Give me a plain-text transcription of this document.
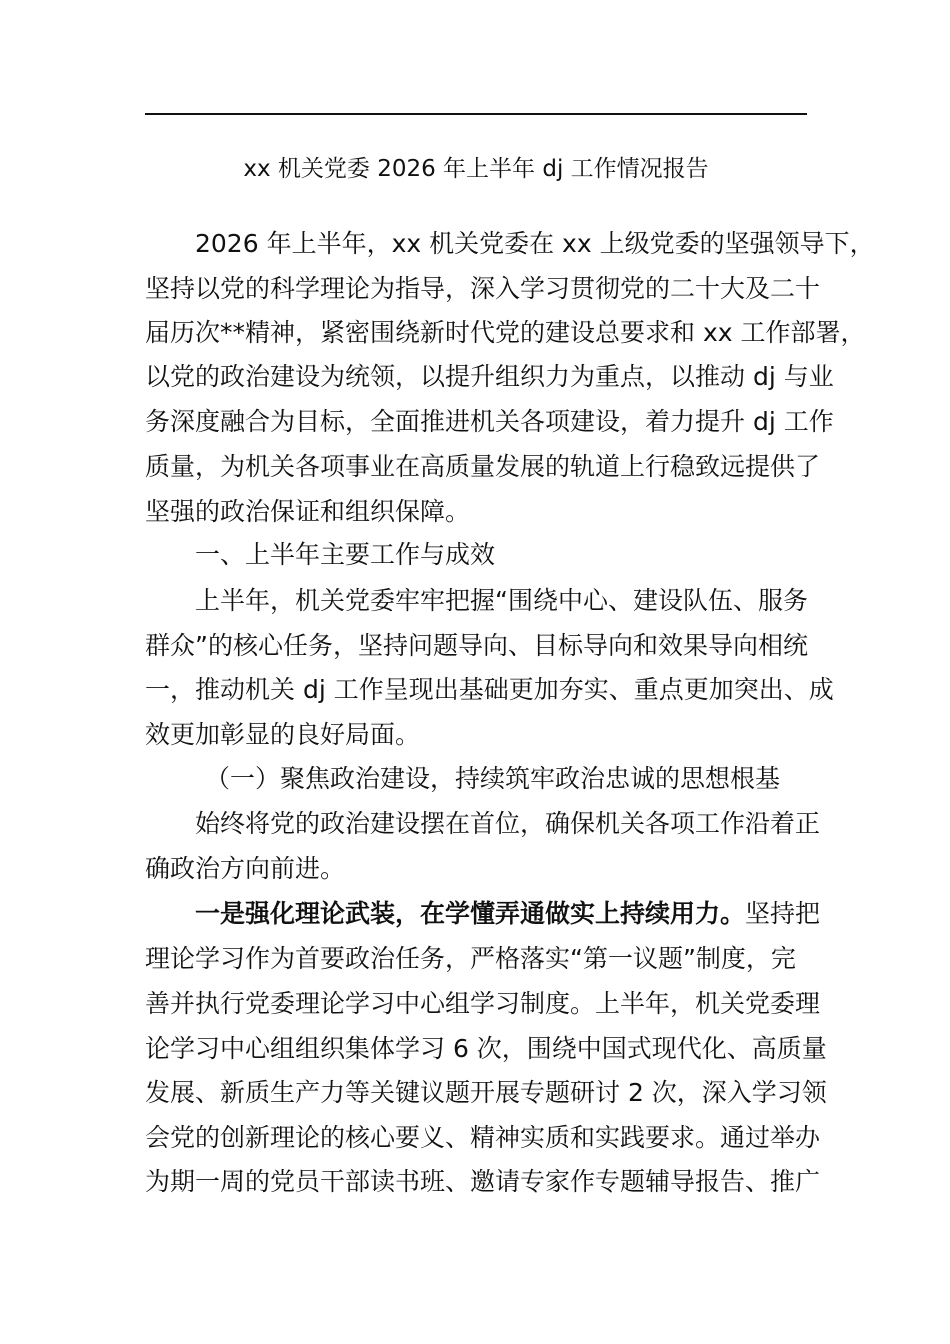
xx 机关党委 2026 年上半年 dj 工作情况报告
2026 年上半年，xx 机关党委在 xx 上级党委的坚强领导下，
坚持以党的科学理论为指导，深入学习贯彻党的二十大及二十
届历次**精神，紧密围绕新时代党的建设总要求和 xx 工作部署，
以党的政治建设为统领，以提升组织力为重点，以推动 dj 与业
务深度融合为目标，全面推进机关各项建设，着力提升 dj 工作
质量，为机关各项事业在高质量发展的轨道上行稳致远提供了
坚强的政治保证和组织保障。
一、上半年主要工作与成效
上半年，机关党委牢牢把握“围绕中心、建设队伍、服务
群众”的核心任务，坚持问题导向、目标导向和效果导向相统
一，推动机关 dj 工作呈现出基础更加夯实、重点更加突出、成
效更加彰显的良好局面。
（一）聚焦政治建设，持续筑牢政治忠诚的思想根基
始终将党的政治建设摆在首位，确保机关各项工作沿着正
确政治方向前进。
一是强化理论武装，在学懂弄通做实上持续用力。坚持把
理论学习作为首要政治任务，严格落实“第一议题”制度，完
善并执行党委理论学习中心组学习制度。上半年，机关党委理
论学习中心组组织集体学习 6 次，围绕中国式现代化、高质量
发展、新质生产力等关键议题开展专题研讨 2 次，深入学习领
会党的创新理论的核心要义、精神实质和实践要求。通过举办
为期一周的党员干部读书班、邀请专家作专题辅导报告、推广
